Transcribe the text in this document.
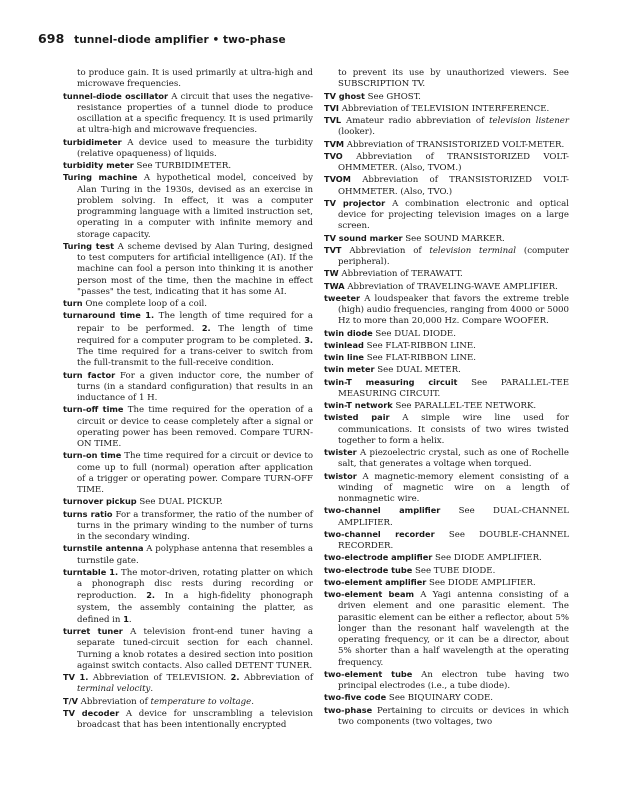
698 tunnel-diode amplifier • two-phase

to produce gain. It is used primarily at ultra-high and microwave frequencies.

tunnel-diode oscillator A circuit that uses the negative-resistance properties of a tunnel diode to produce oscillation at a specific frequency. It is used primarily at ultra-high and microwave frequencies.

turbidimeter A device used to measure the turbidity (relative opaqueness) of liquids.

turbidity meter See TURBIDIMETER.

Turing machine A hypothetical model, conceived by Alan Turing in the 1930s, devised as an exercise in problem solving. In effect, it was a computer programming language with a limited instruction set, operating in a computer with infinite memory and storage capacity.

Turing test A scheme devised by Alan Turing, designed to test computers for artificial intelligence (AI). If the machine can fool a person into thinking it is another person most of the time, then the machine in effect "passes" the test, indicating that it has some AI.

turn One complete loop of a coil.

turnaround time 1. The length of time required for a repair to be performed. 2. The length of time required for a computer program to be completed. 3. The time required for a trans-ceiver to switch from the full-transmit to the full-receive condition.

turn factor For a given inductor core, the number of turns (in a standard configuration) that results in an inductance of 1 H.

turn-off time The time required for the operation of a circuit or device to cease completely after a signal or operating power has been removed. Compare TURN-ON TIME.

turn-on time The time required for a circuit or device to come up to full (normal) operation after application of a trigger or operating power. Compare TURN-OFF TIME.

turnover pickup See DUAL PICKUP.

turns ratio For a transformer, the ratio of the number of turns in the primary winding to the number of turns in the secondary winding.

turnstile antenna A polyphase antenna that resembles a turnstile gate.

turntable 1. The motor-driven, rotating platter on which a phonograph disc rests during recording or reproduction. 2. In a high-fidelity phonograph system, the assembly containing the platter, as defined in 1.

turret tuner A television front-end tuner having a separate tuned-circuit section for each channel. Turning a knob rotates a desired section into position against switch contacts. Also called DETENT TUNER.

TV 1. Abbreviation of TELEVISION. 2. Abbreviation of terminal velocity.

T/V Abbreviation of temperature to voltage.

TV decoder A device for unscrambling a television broadcast that has been intentionally encrypted

to prevent its use by unauthorized viewers. See SUBSCRIPTION TV.

TV ghost See GHOST.

TVI Abbreviation of TELEVISION INTERFERENCE.

TVL Amateur radio abbreviation of television listener (looker).

TVM Abbreviation of TRANSISTORIZED VOLT-METER.

TVO Abbreviation of TRANSISTORIZED VOLT-OHMMETER. (Also, TVOM.)

TVOM Abbreviation of TRANSISTORIZED VOLT-OHMMETER. (Also, TVO.)

TV projector A combination electronic and optical device for projecting television images on a large screen.

TV sound marker See SOUND MARKER.

TVT Abbreviation of television terminal (computer peripheral).

TW Abbreviation of TERAWATT.

TWA Abbreviation of TRAVELING-WAVE AMPLIFIER.

tweeter A loudspeaker that favors the extreme treble (high) audio frequencies, ranging from 4000 or 5000 Hz to more than 20,000 Hz. Compare WOOFER.

twin diode See DUAL DIODE.

twinlead See FLAT-RIBBON LINE.

twin line See FLAT-RIBBON LINE.

twin meter See DUAL METER.

twin-T measuring circuit See PARALLEL-TEE MEASURING CIRCUIT.

twin-T network See PARALLEL-TEE NETWORK.

twisted pair A simple wire line used for communications. It consists of two wires twisted together to form a helix.

twister A piezoelectric crystal, such as one of Rochelle salt, that generates a voltage when torqued.

twistor A magnetic-memory element consisting of a winding of magnetic wire on a length of nonmagnetic wire.

two-channel amplifier See DUAL-CHANNEL AMPLIFIER.

two-channel recorder See DOUBLE-CHANNEL RECORDER.

two-electrode amplifier See DIODE AMPLIFIER.

two-electrode tube See TUBE DIODE.

two-element amplifier See DIODE AMPLIFIER.

two-element beam A Yagi antenna consisting of a driven element and one parasitic element. The parasitic element can be either a reflector, about 5% longer than the resonant half wavelength at the operating frequency, or it can be a director, about 5% shorter than a half wavelength at the operating frequency.

two-element tube An electron tube having two principal electrodes (i.e., a tube diode).

two-five code See BIQUINARY CODE.

two-phase Pertaining to circuits or devices in which two components (two voltages, two
